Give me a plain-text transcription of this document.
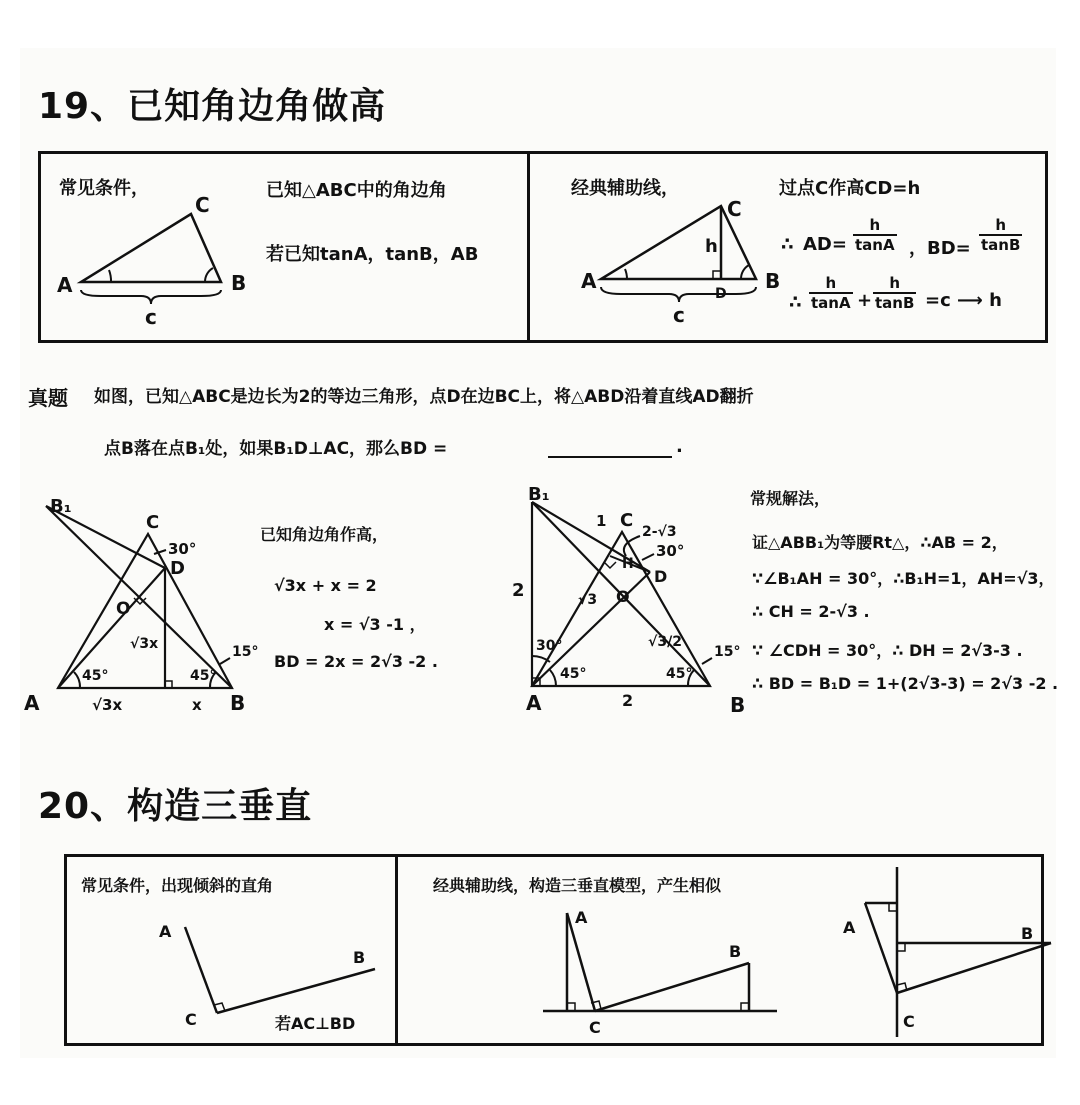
19、已知角边角做高
常见条件，	已知△ABC中的角边角
若已知tanA，tanB，AB
A	B
C
c
经典辅助线，	过点C作高CD=h
A	B
C
D
h
c
∴ $AD= \frac{h}{\tan A}$ ，$BD= \frac{h}{\tan B}$
∴ $\frac{h}{\tan A} + \frac{h}{\tan B} =c$ ⟶ h
真题 如图，已知△ABC是边长为2的等边三角形，点D在边BC上，将△ABD沿着直线AD翻折
点B落在点B₁处，如果B₁D⊥AC，那么BD =	.
B₁
C
D
O
A	B
30°
45°	45°
15°
√3x
√3x	x
已知角边角作高，
√3x + x = 2
x = √3 -1 ，
BD = 2x = 2√3 -2 .
B₁
C
D
H
O
A	B
1
2
2
√3
√3/2
30°
30°
45°	45°
15°
2-√3
常规解法，
证△ABB₁为等腰Rt△，∴AB = 2，
∵∠B₁AH = 30°，∴B₁H=1，AH=√3，
∴ CH = 2-√3 .
∵ ∠CDH = 30°，∴ DH = 2√3-3 .
∴ BD = B₁D = 1+(2√3-3) = 2√3 -2 .
20、构造三垂直
常见条件，出现倾斜的直角
A
B
C	若AC⊥BD
经典辅助线，构造三垂直模型，产生相似
A
B
C
A	B
C
